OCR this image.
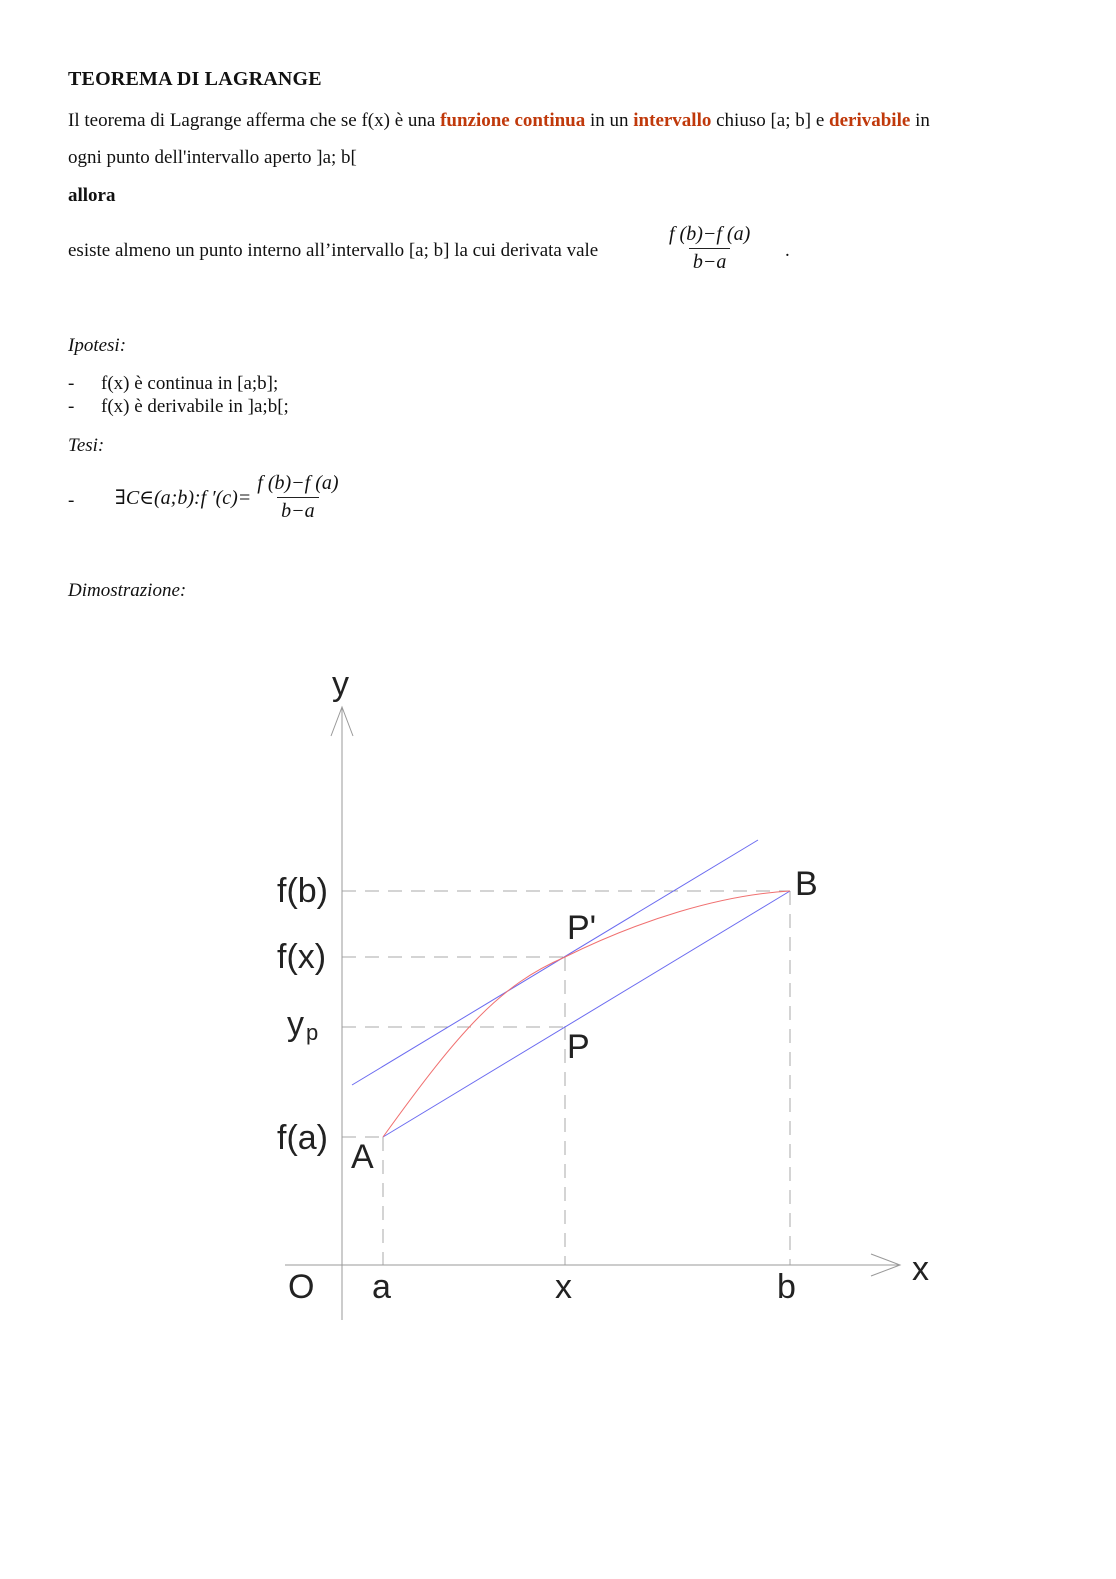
TEOREMA DI LAGRANGE
Il teorema di Lagrange afferma che se f(x) è una funzione continua in un intervallo chiuso [a; b] e derivabile in
ogni punto dell'intervallo aperto ]a; b[
allora
esiste almeno un punto interno all’intervallo [a; b] la cui derivata vale	$\frac{f (b)-f (a)}{b-a}$ .
Ipotesi:
- f(x) è continua in [a;b];
- f(x) è derivabile in ]a;b[;
Tesi:
- ∃C∈(a;b):f $'(c)= \frac{f (b)-f (a)}{b-a}$
Dimostrazione:
y
x
O
f(b)
f(x)
y p
f(a)
a	x	b
A
B
P
P'
